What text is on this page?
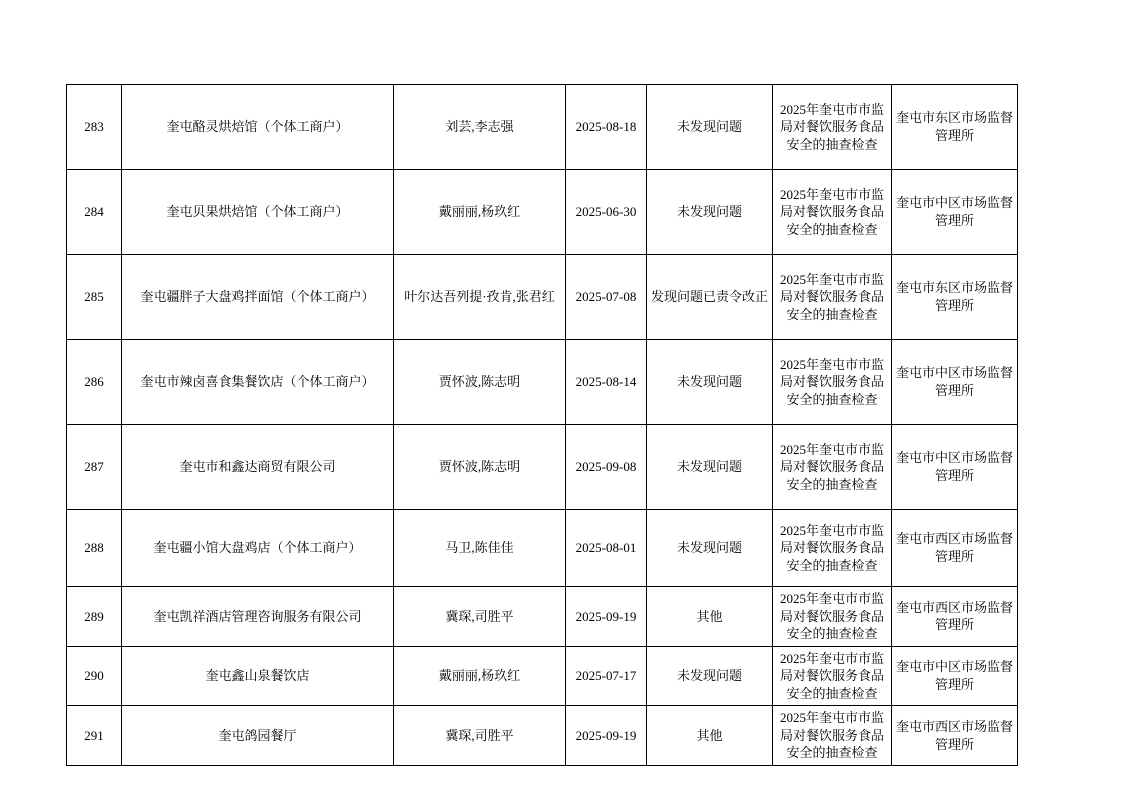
283	奎屯酪灵烘焙馆（个体工商户）	刘芸,李志强	2025-08-18	未发现问题	2025年奎屯市市监局对餐饮服务食品安全的抽查检查	奎屯市东区市场监督管理所
284	奎屯贝果烘焙馆（个体工商户）	戴丽丽,杨玖红	2025-06-30	未发现问题	2025年奎屯市市监局对餐饮服务食品安全的抽查检查	奎屯市中区市场监督管理所
285	奎屯疆胖子大盘鸡拌面馆（个体工商户）	叶尔达吾列提·孜肯,张君红	2025-07-08	发现问题已责令改正	2025年奎屯市市监局对餐饮服务食品安全的抽查检查	奎屯市东区市场监督管理所
286	奎屯市辣卤喜食集餐饮店（个体工商户）	贾怀波,陈志明	2025-08-14	未发现问题	2025年奎屯市市监局对餐饮服务食品安全的抽查检查	奎屯市中区市场监督管理所
287	奎屯市和鑫达商贸有限公司	贾怀波,陈志明	2025-09-08	未发现问题	2025年奎屯市市监局对餐饮服务食品安全的抽查检查	奎屯市中区市场监督管理所
288	奎屯疆小馆大盘鸡店（个体工商户）	马卫,陈佳佳	2025-08-01	未发现问题	2025年奎屯市市监局对餐饮服务食品安全的抽查检查	奎屯市西区市场监督管理所
289	奎屯凯祥酒店管理咨询服务有限公司	冀琛,司胜平	2025-09-19	其他	2025年奎屯市市监局对餐饮服务食品安全的抽查检查	奎屯市西区市场监督管理所
290	奎屯鑫山泉餐饮店	戴丽丽,杨玖红	2025-07-17	未发现问题	2025年奎屯市市监局对餐饮服务食品安全的抽查检查	奎屯市中区市场监督管理所
291	奎屯鸽园餐厅	冀琛,司胜平	2025-09-19	其他	2025年奎屯市市监局对餐饮服务食品安全的抽查检查	奎屯市西区市场监督管理所
